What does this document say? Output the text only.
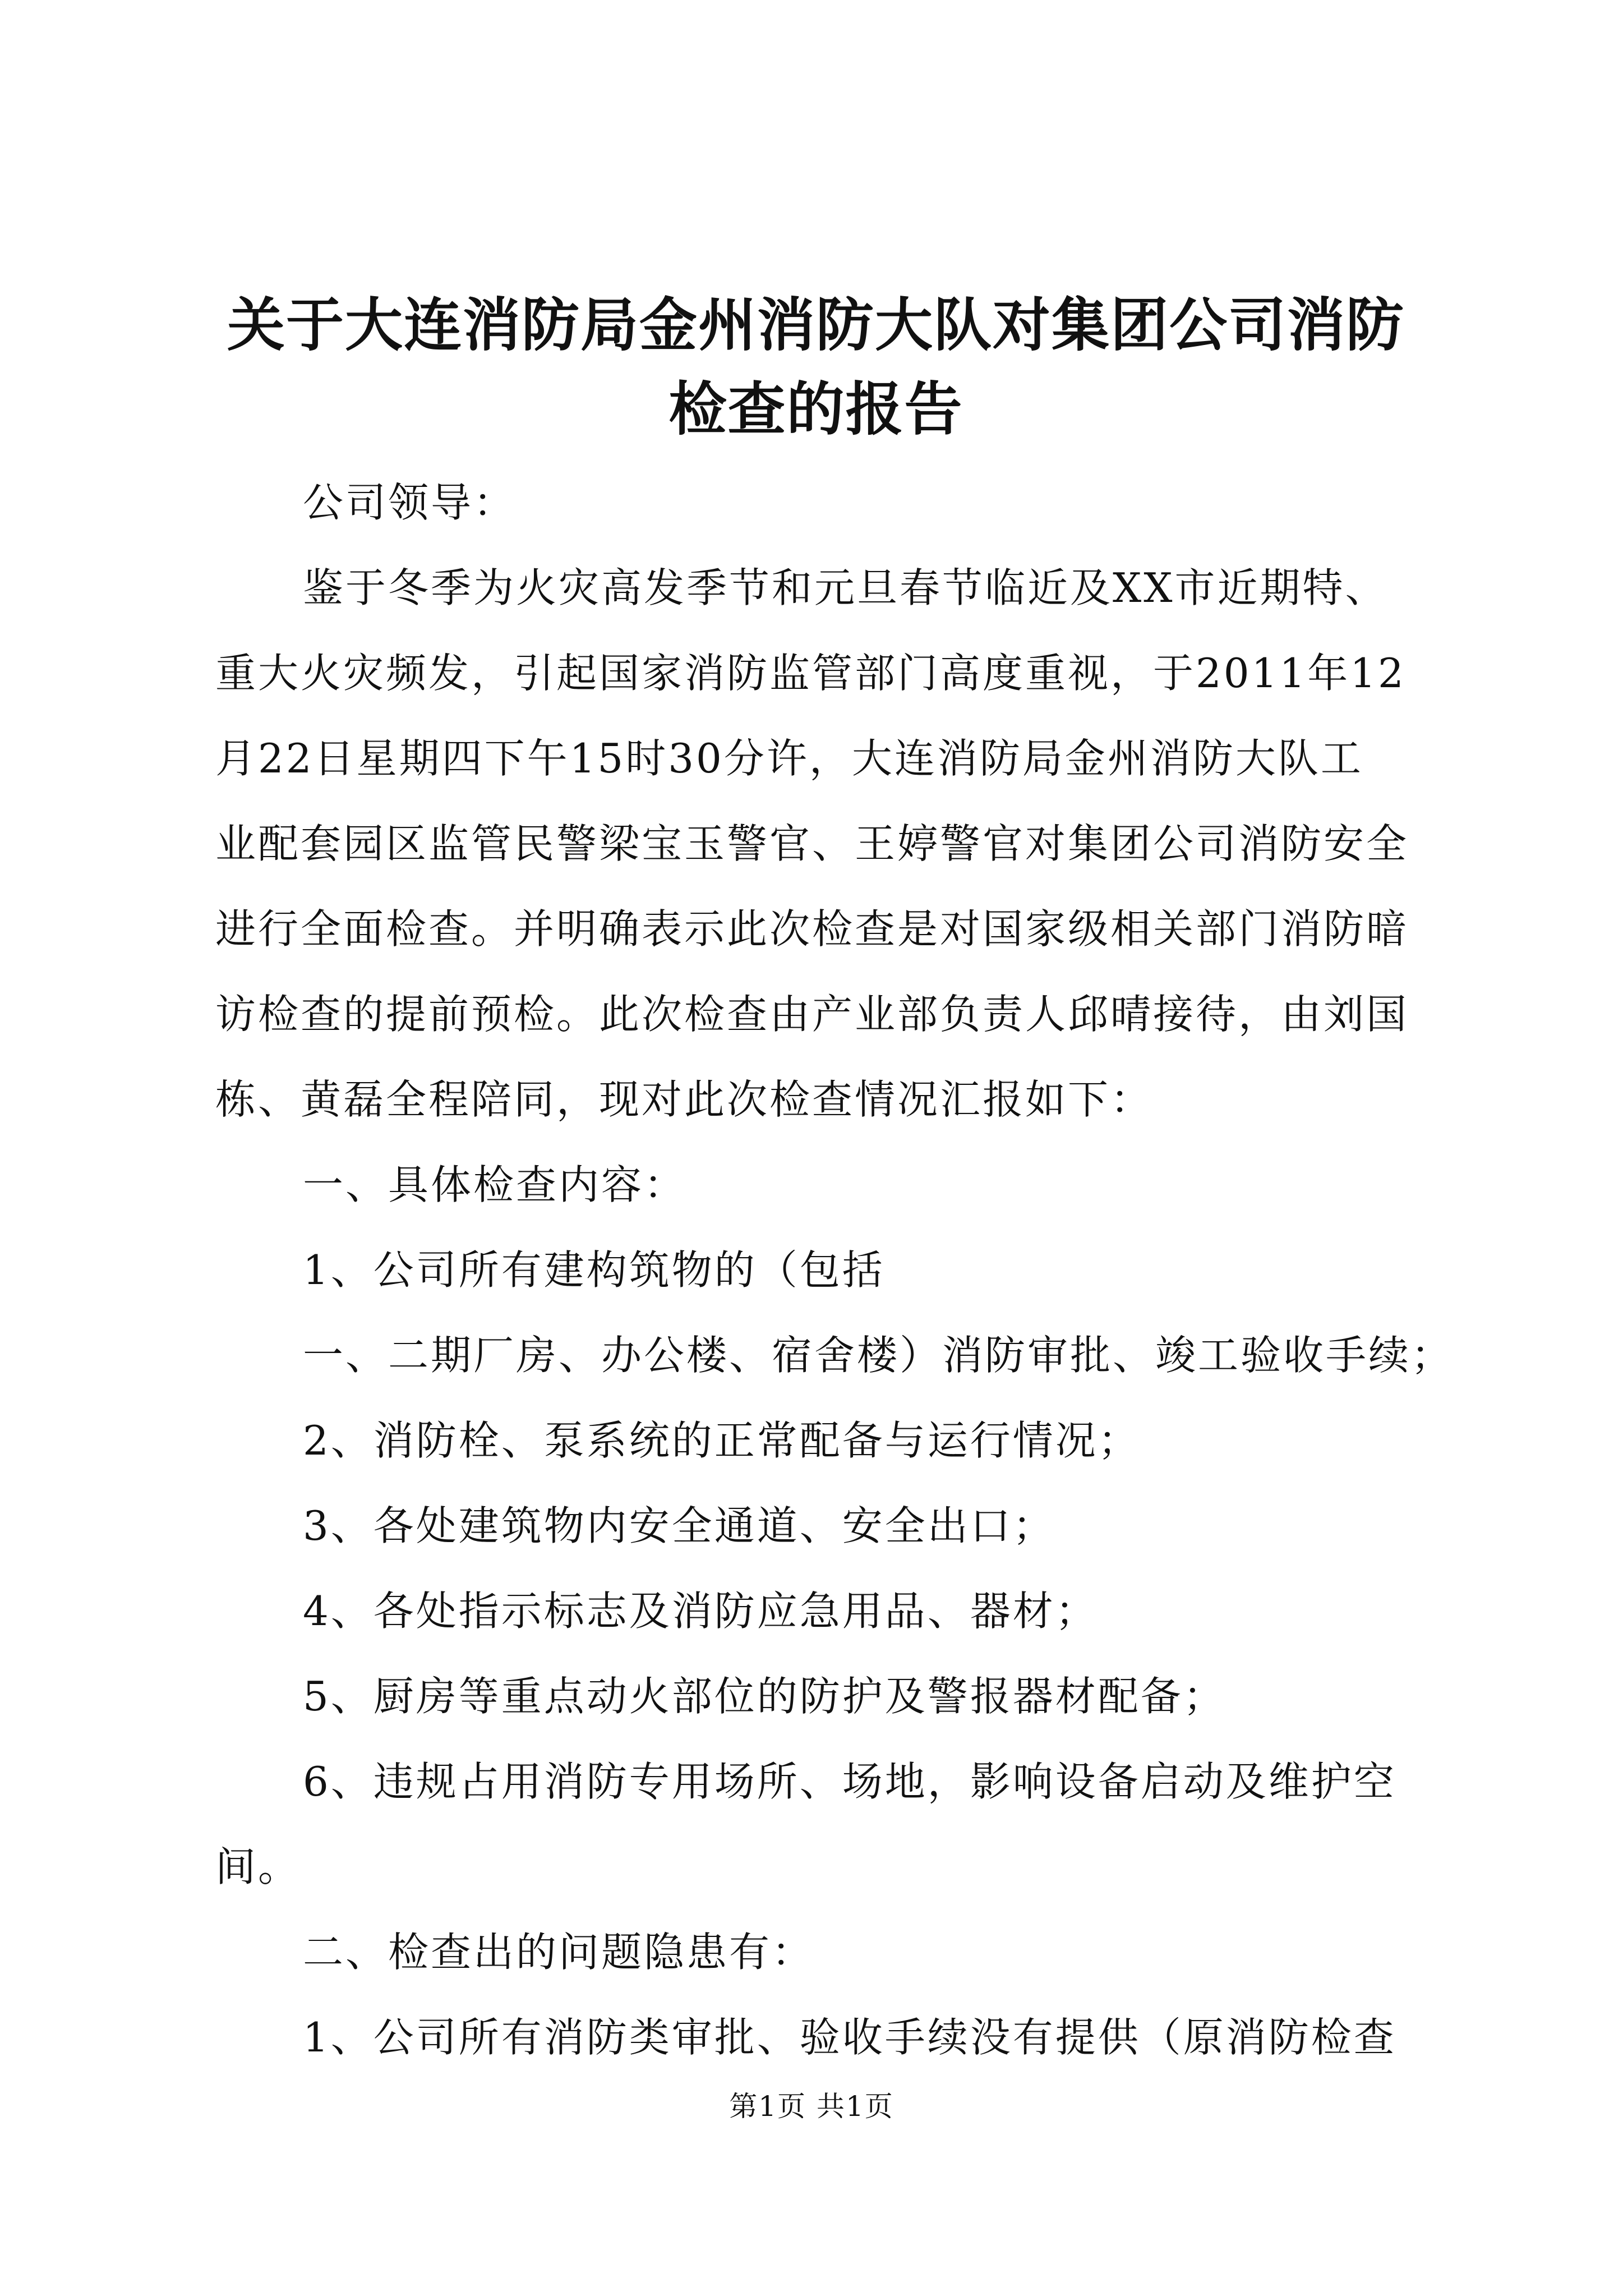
关于大连消防局金州消防大队对集团公司消防
检查的报告
公司领导：
鉴于冬季为火灾高发季节和元旦春节临近及XX市近期特、
重大火灾频发，引起国家消防监管部门高度重视，于2011年12
月22日星期四下午15时30分许，大连消防局金州消防大队工
业配套园区监管民警梁宝玉警官、王婷警官对集团公司消防安全
进行全面检查。并明确表示此次检查是对国家级相关部门消防暗
访检查的提前预检。此次检查由产业部负责人邱晴接待，由刘国
栋、黄磊全程陪同，现对此次检查情况汇报如下：
一、具体检查内容：
1、公司所有建构筑物的（包括
一、二期厂房、办公楼、宿舍楼）消防审批、竣工验收手续；
2、消防栓、泵系统的正常配备与运行情况；
3、各处建筑物内安全通道、安全出口；
4、各处指示标志及消防应急用品、器材；
5、厨房等重点动火部位的防护及警报器材配备；
6、违规占用消防专用场所、场地，影响设备启动及维护空
间。
二、检查出的问题隐患有：
1、公司所有消防类审批、验收手续没有提供（原消防检查
第1页 共1页
